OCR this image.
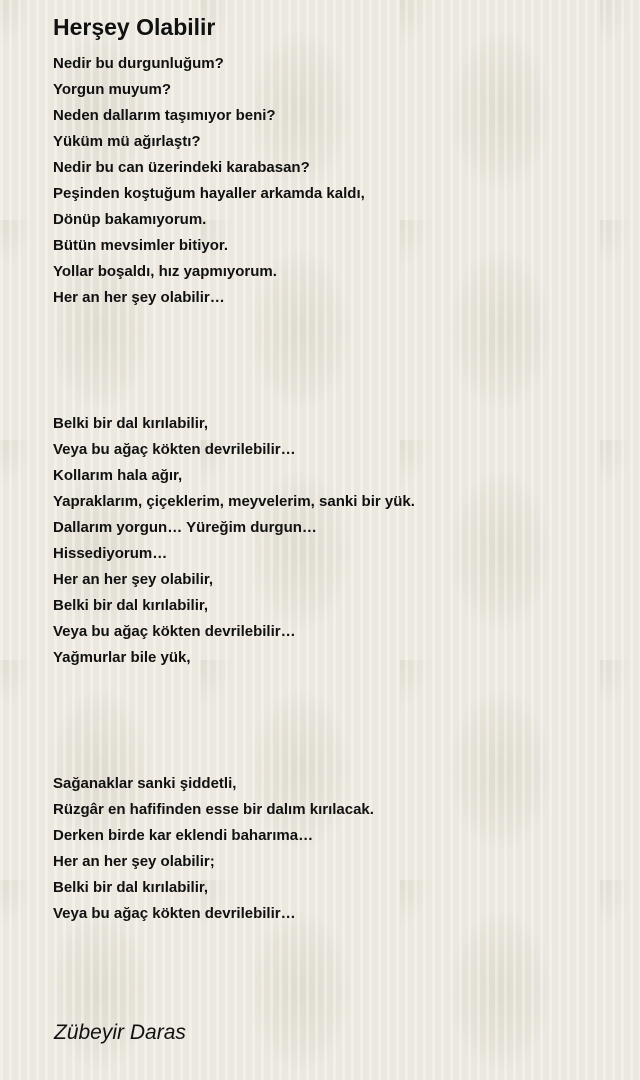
Herşey Olabilir
Nedir bu durgunluğum?
Yorgun muyum?
Neden dallarım taşımıyor beni?
Yüküm mü ağırlaştı?
Nedir bu can üzerindeki karabasan?
Peşinden koştuğum hayaller arkamda kaldı,
Dönüp bakamıyorum.
Bütün mevsimler bitiyor.
Yollar boşaldı, hız yapmıyorum.
Her an her şey olabilir…
Belki bir dal kırılabilir,
Veya bu ağaç kökten devrilebilir…
Kollarım hala ağır,
Yapraklarım, çiçeklerim, meyvelerim, sanki bir yük.
Dallarım yorgun… Yüreğim durgun…
Hissediyorum…
Her an her şey olabilir,
Belki bir dal kırılabilir,
Veya bu ağaç kökten devrilebilir…
Yağmurlar bile yük,
Sağanaklar sanki şiddetli,
Rüzgâr en hafifinden esse bir dalım kırılacak.
Derken birde kar eklendi baharıma…
Her an her şey olabilir;
Belki bir dal kırılabilir,
Veya bu ağaç kökten devrilebilir…

Zübeyir Daras
